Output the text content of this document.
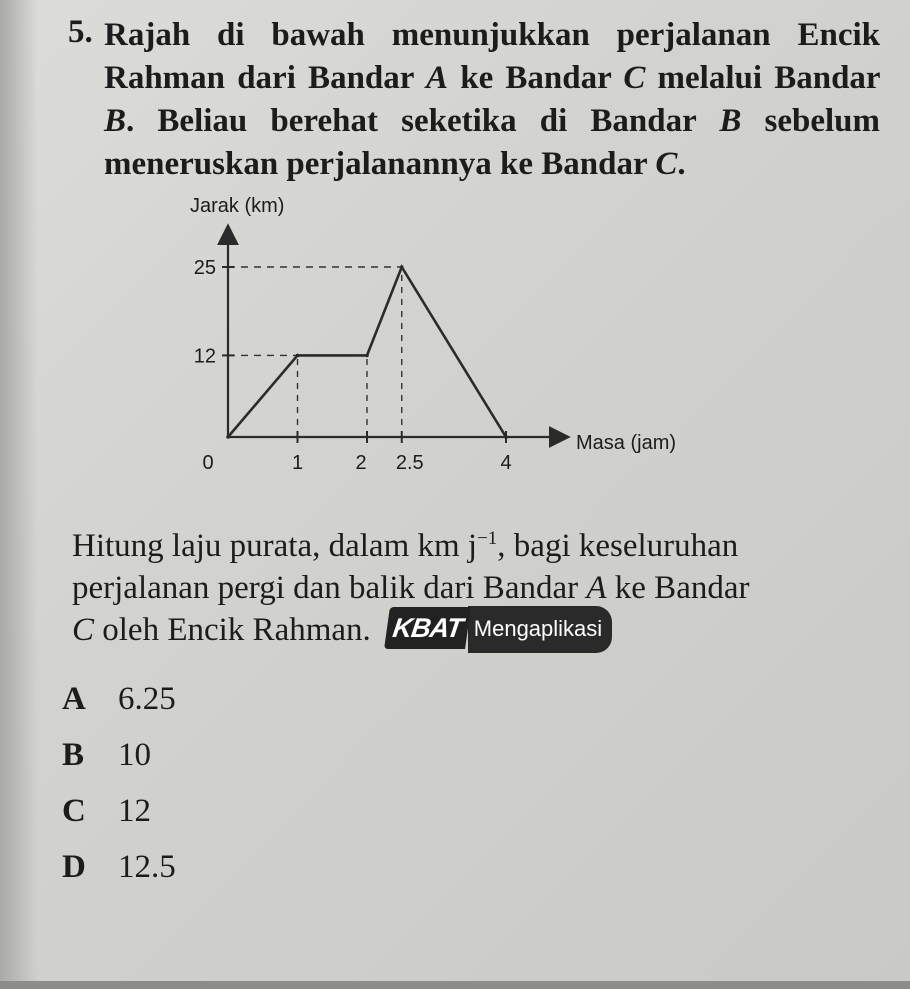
5. Rajah di bawah menunjukkan perjalanan Encik Rahman dari Bandar A ke Bandar C melalui Bandar B. Beliau berehat seketika di Bandar B sebelum meneruskan perjalanannya ke Bandar C.

Jarak (km)
Masa (jam)
12
25
0	1	2 2.5	4

Hitung laju purata, dalam km $j^{-1}$, bagi keseluruhan
perjalanan pergi dan balik dari Bandar A ke Bandar
C oleh Encik Rahman. KBAT Mengaplikasi

A 6.25
B 10
C 12
D 12.5
